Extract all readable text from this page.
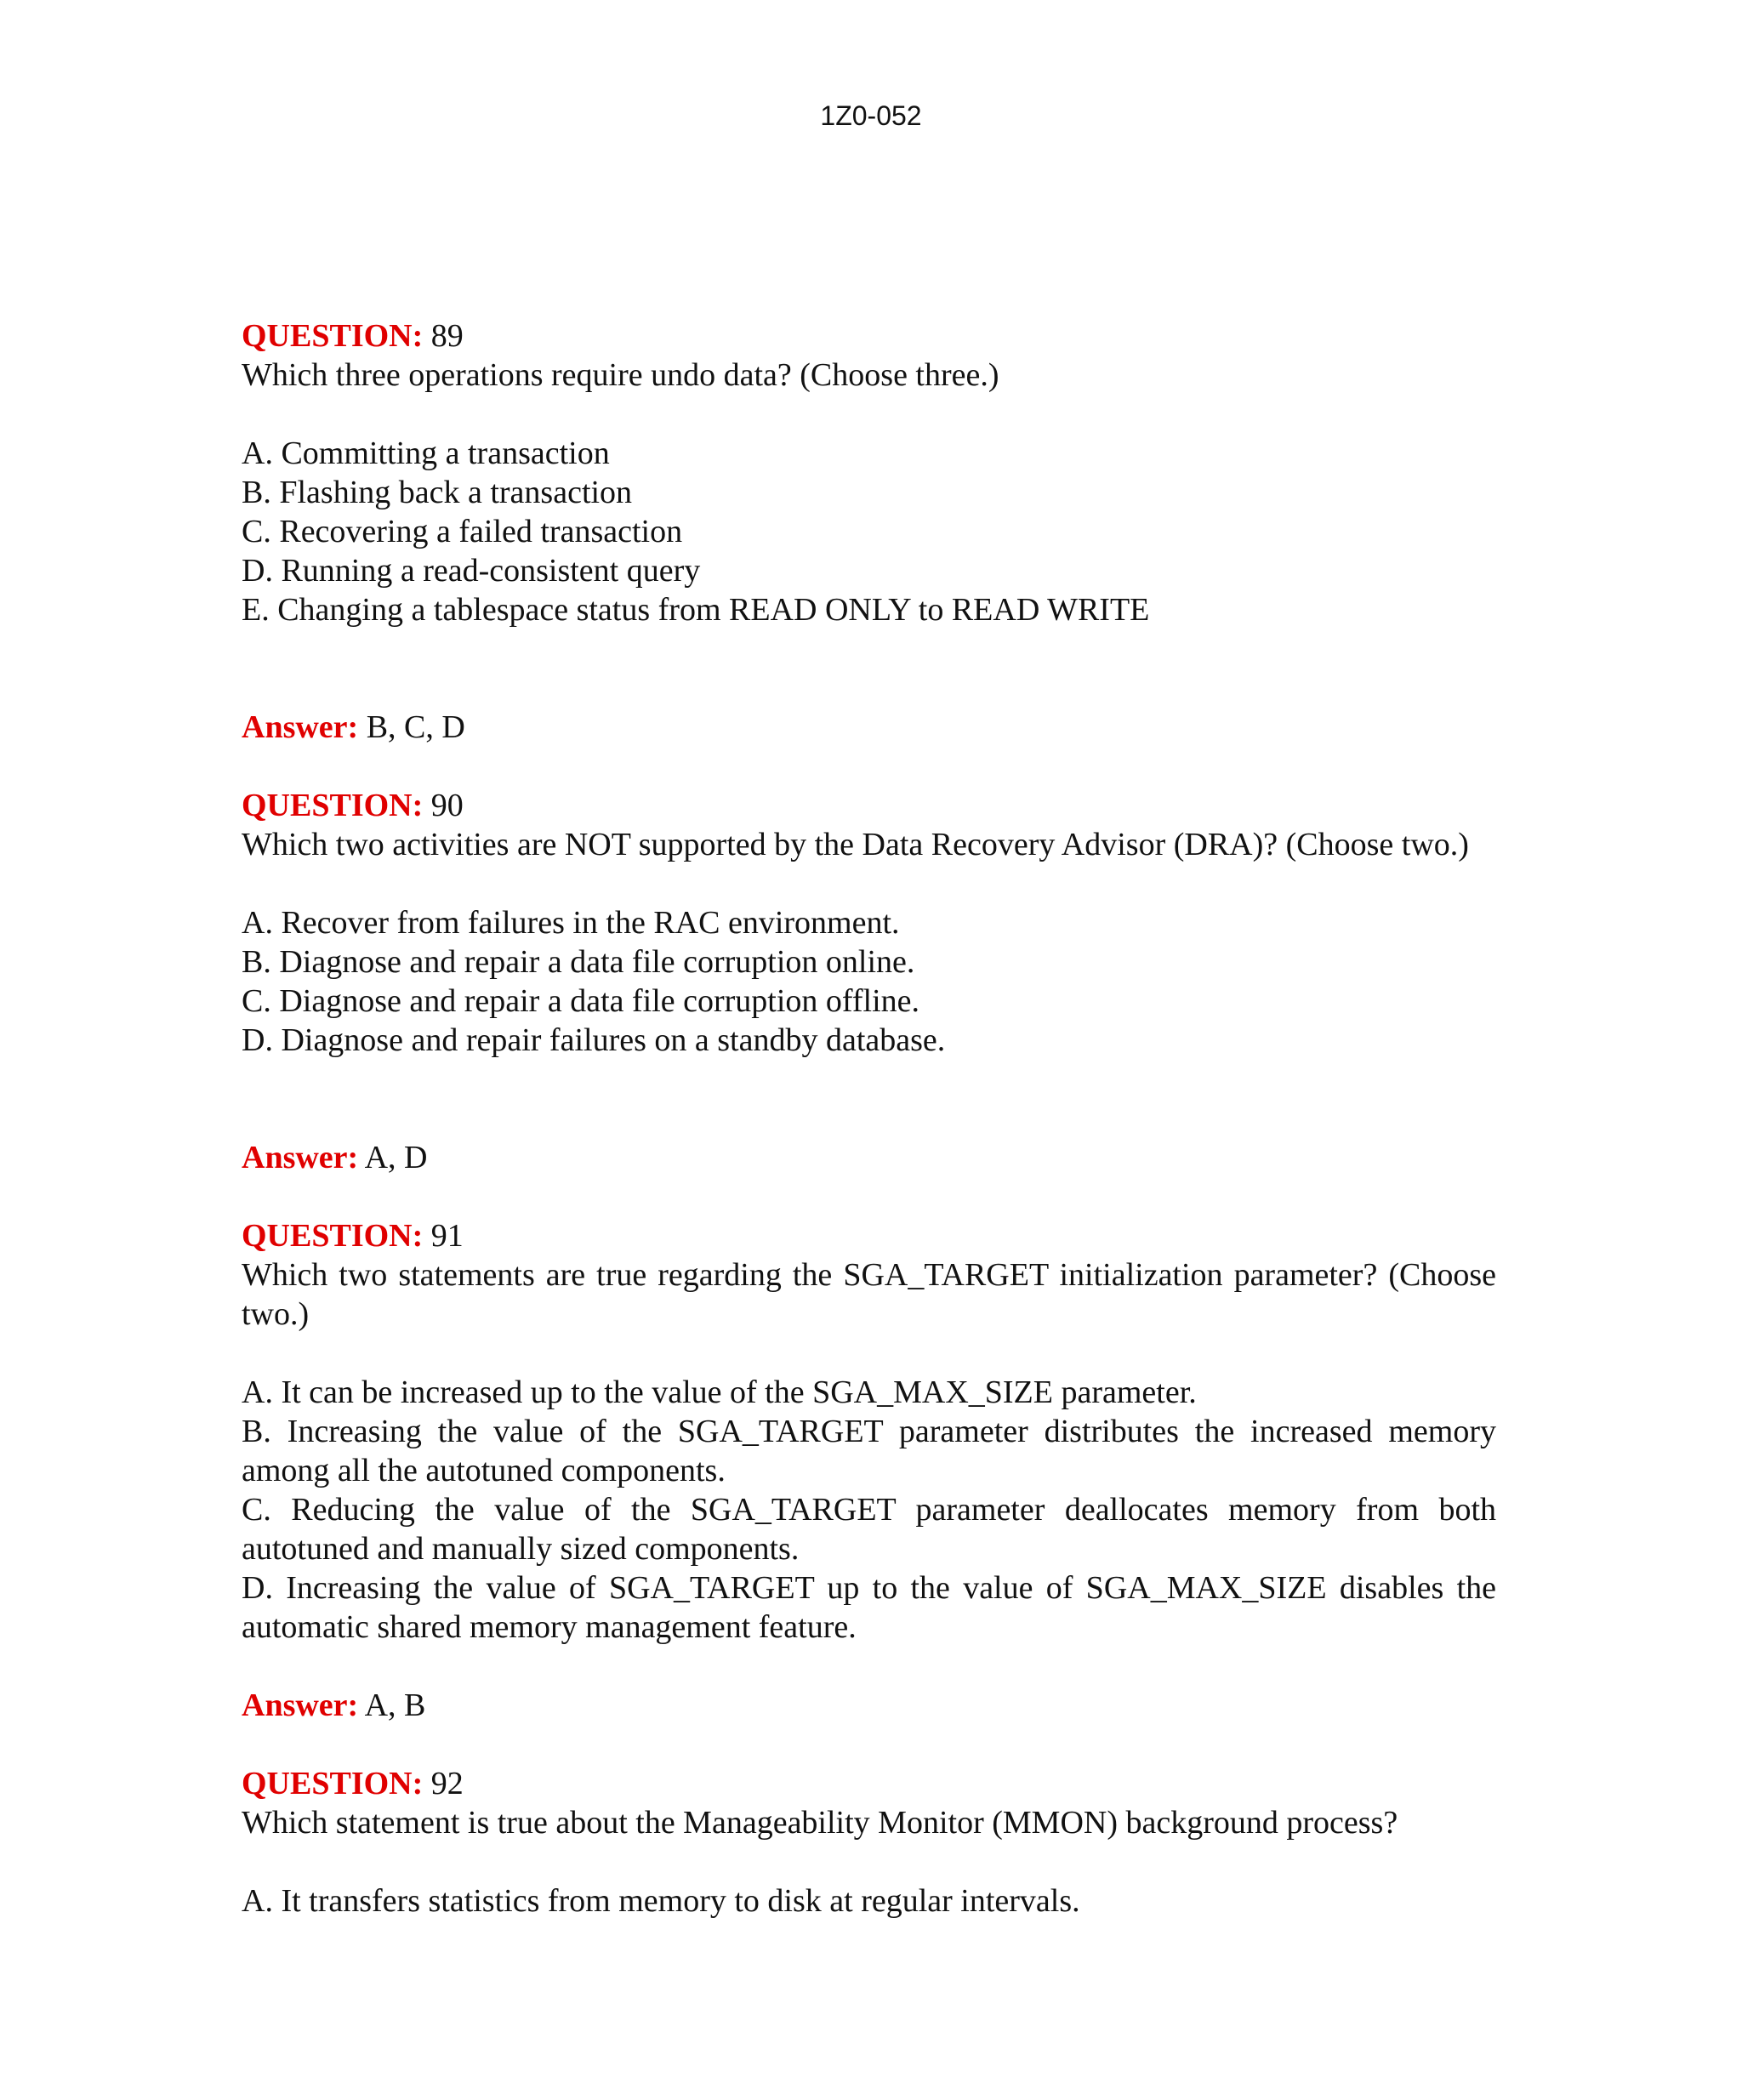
1Z0-052
QUESTION: 89
Which three operations require undo data? (Choose three.)
A. Committing a transaction
B. Flashing back a transaction
C. Recovering a failed transaction
D. Running a read-consistent query
E. Changing a tablespace status from READ ONLY to READ WRITE
Answer: B, C, D
QUESTION: 90
Which two activities are NOT supported by the Data Recovery Advisor (DRA)? (Choose two.)
A. Recover from failures in the RAC environment.
B. Diagnose and repair a data file corruption online.
C. Diagnose and repair a data file corruption offline.
D. Diagnose and repair failures on a standby database.
Answer: A, D
QUESTION: 91
Which two statements are true regarding the SGA_TARGET initialization parameter? (Choose two.)
A. It can be increased up to the value of the SGA_MAX_SIZE parameter.
B. Increasing the value of the SGA_TARGET parameter distributes the increased memory among all the autotuned components.
C. Reducing the value of the SGA_TARGET parameter deallocates memory from both autotuned and manually sized components.
D. Increasing the value of SGA_TARGET up to the value of SGA_MAX_SIZE disables the automatic shared memory management feature.
Answer: A, B
QUESTION: 92
Which statement is true about the Manageability Monitor (MMON) background process?
A. It transfers statistics from memory to disk at regular intervals.
